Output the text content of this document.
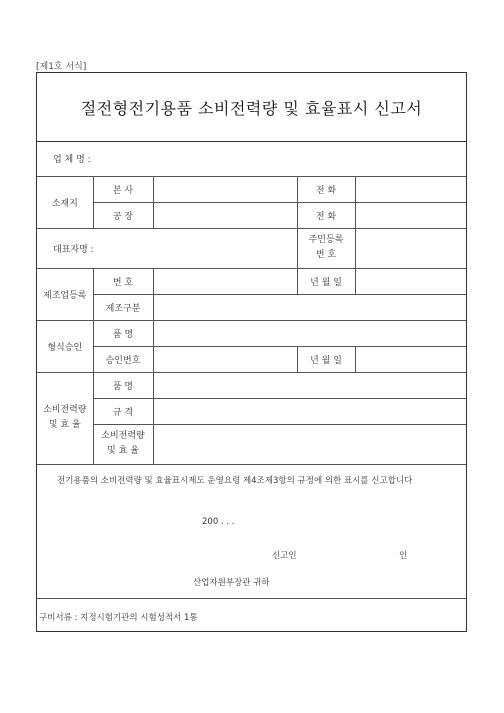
[제1호 서식]
절전형전기용품 소비전력량 및 효율표시 신고서
업 체 명 :				
소재지	본 사		전 화	
	공 장		전 화	
대표자명 :			주민등록
번 호	

제조업등록	번 호		년 월 일	
	제조구분			
형식승인	품 명			
	승인번호		년 월 일	

소비전력량
및 효 율	품 명			
	규 격			

	소비전력량
및 효 율			

전기용품의 소비전력량 및 효율표시제도 운영요령 제4조제3항의 규정에 의한 표시를 신고합니다
200 . . .
신고인 인
산업자원부장관 귀하				
구비서류 : 지정시험기관의 시험성적서 1통
